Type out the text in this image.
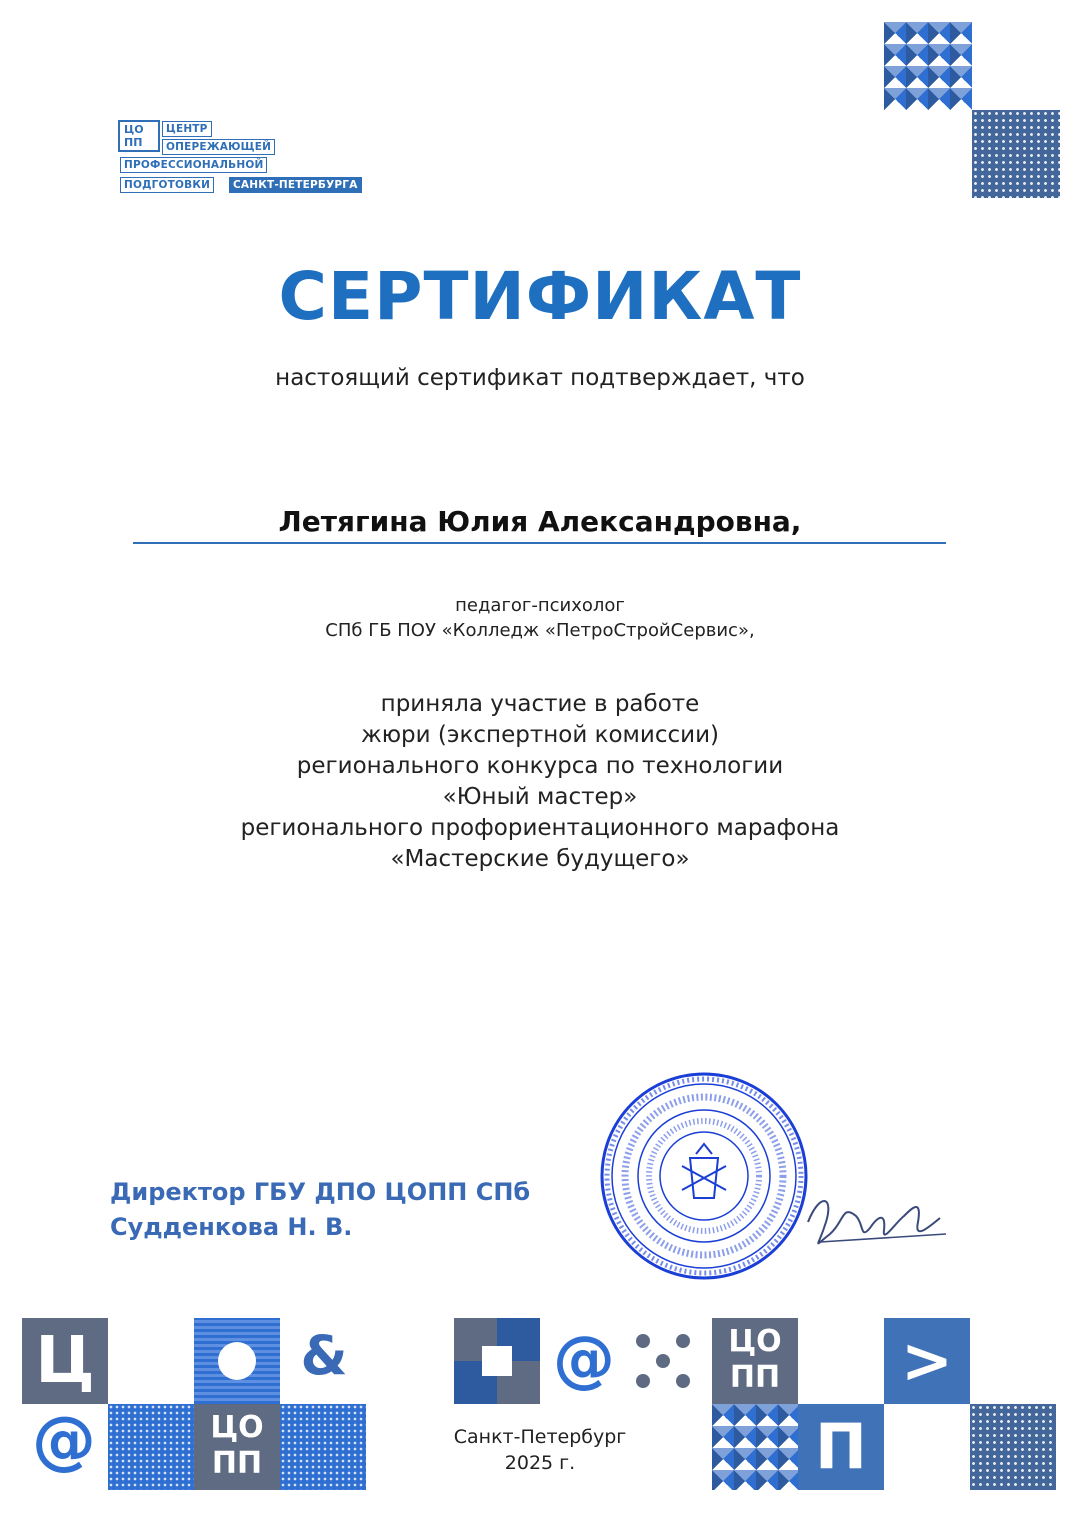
ЦО
ПП
ЦЕНТР
ОПЕРЕЖАЮЩЕЙ
ПРОФЕССИОНАЛЬНОЙ
ПОДГОТОВКИ	САНКТ-ПЕТЕРБУРГА
СЕРТИФИКАТ
настоящий сертификат подтверждает, что
Летягина Юлия Александровна,
педагог-психолог
СПб ГБ ПОУ «Колледж «ПетроСтройСервис»,
приняла участие в работе
жюри (экспертной комиссии)
регионального конкурса по технологии
«Юный мастер»
регионального профориентационного марафона
«Мастерские будущего»
Директор ГБУ ДПО ЦОПП СПб
Судденкова Н. В.
Ц	&
@	ЦО
ПП
@
Санкт-Петербург
2025 г.
ЦО
ПП >
П
